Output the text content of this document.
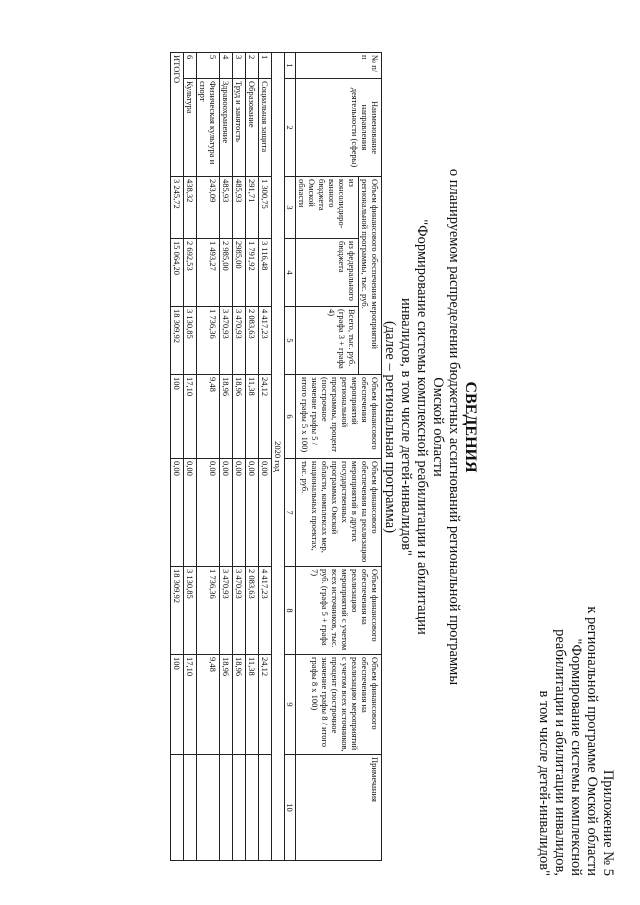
Приложение № 5
к региональной программе Омской области
"Формирование системы комплексной
реабилитации и абилитации инвалидов,
в том числе детей-инвалидов"
СВЕДЕНИЯ
о планируемом распределении бюджетных ассигнований региональной программы Омской области
"Формирование системы комплексной реабилитации и абилитации
инвалидов, в том числе детей-инвалидов"
(далее – региональная программа)
№ п/п	Наименование направления деятельности (сферы)	Объем финансового обеспечения мероприятий региональной программы, тыс. руб.			Объем финансового обеспечения мероприятий региональной программы, процент (построчное значение графы 5 / итого графы 5 х 100)	Объем финансового обеспечения на реализацию мероприятий в других государственных программах Омской области, комплексах мер, национальных проектах, тыс. руб.	Объем финансового обеспечения на реализацию мероприятий с учетом всех источников, тыс. руб. (графа 5 + графа 7)	Объем финансового обеспечения на реализацию мероприятий с учетом всех источников, процент (построчное значение графы 8 / итого графы 8 х 100)	Примечания
		из консолидиро-ванного бюджета Омской области	из федерального бюджета	Всего, тыс. руб. (графа 3 + графа 4)					
1	2	3	4	5	6	7	8	9	10
2020 год									
1	Социальная защита	1 300,75	3 116,48	4 417,23	24,12	0,00	4 417,23	24,12	
2	Образование	291,71	1 791,92	2 083,63	11,38	0,00	2 083,63	11,38	
3	Труд и занятость	485,93	2985,00	3 470,93	18,96	0,00	3 470,93	18,96	
4	Здравоохранение	485,93	2 985,00	3 470,93	18,96	0,00	3 470,93	18,96	
5	Физическая культура и спорт	243,09	1 493,27	1 736,36	9,48	0,00	1 736,36	9,48	
6	Культура	438,32	2 692,53	3 130,85	17,10	0,00	3 130,85	17,10	
ИТОГО		3 245,72	15 064,20	18 309,92	100	0,00	18 309,92	100	
